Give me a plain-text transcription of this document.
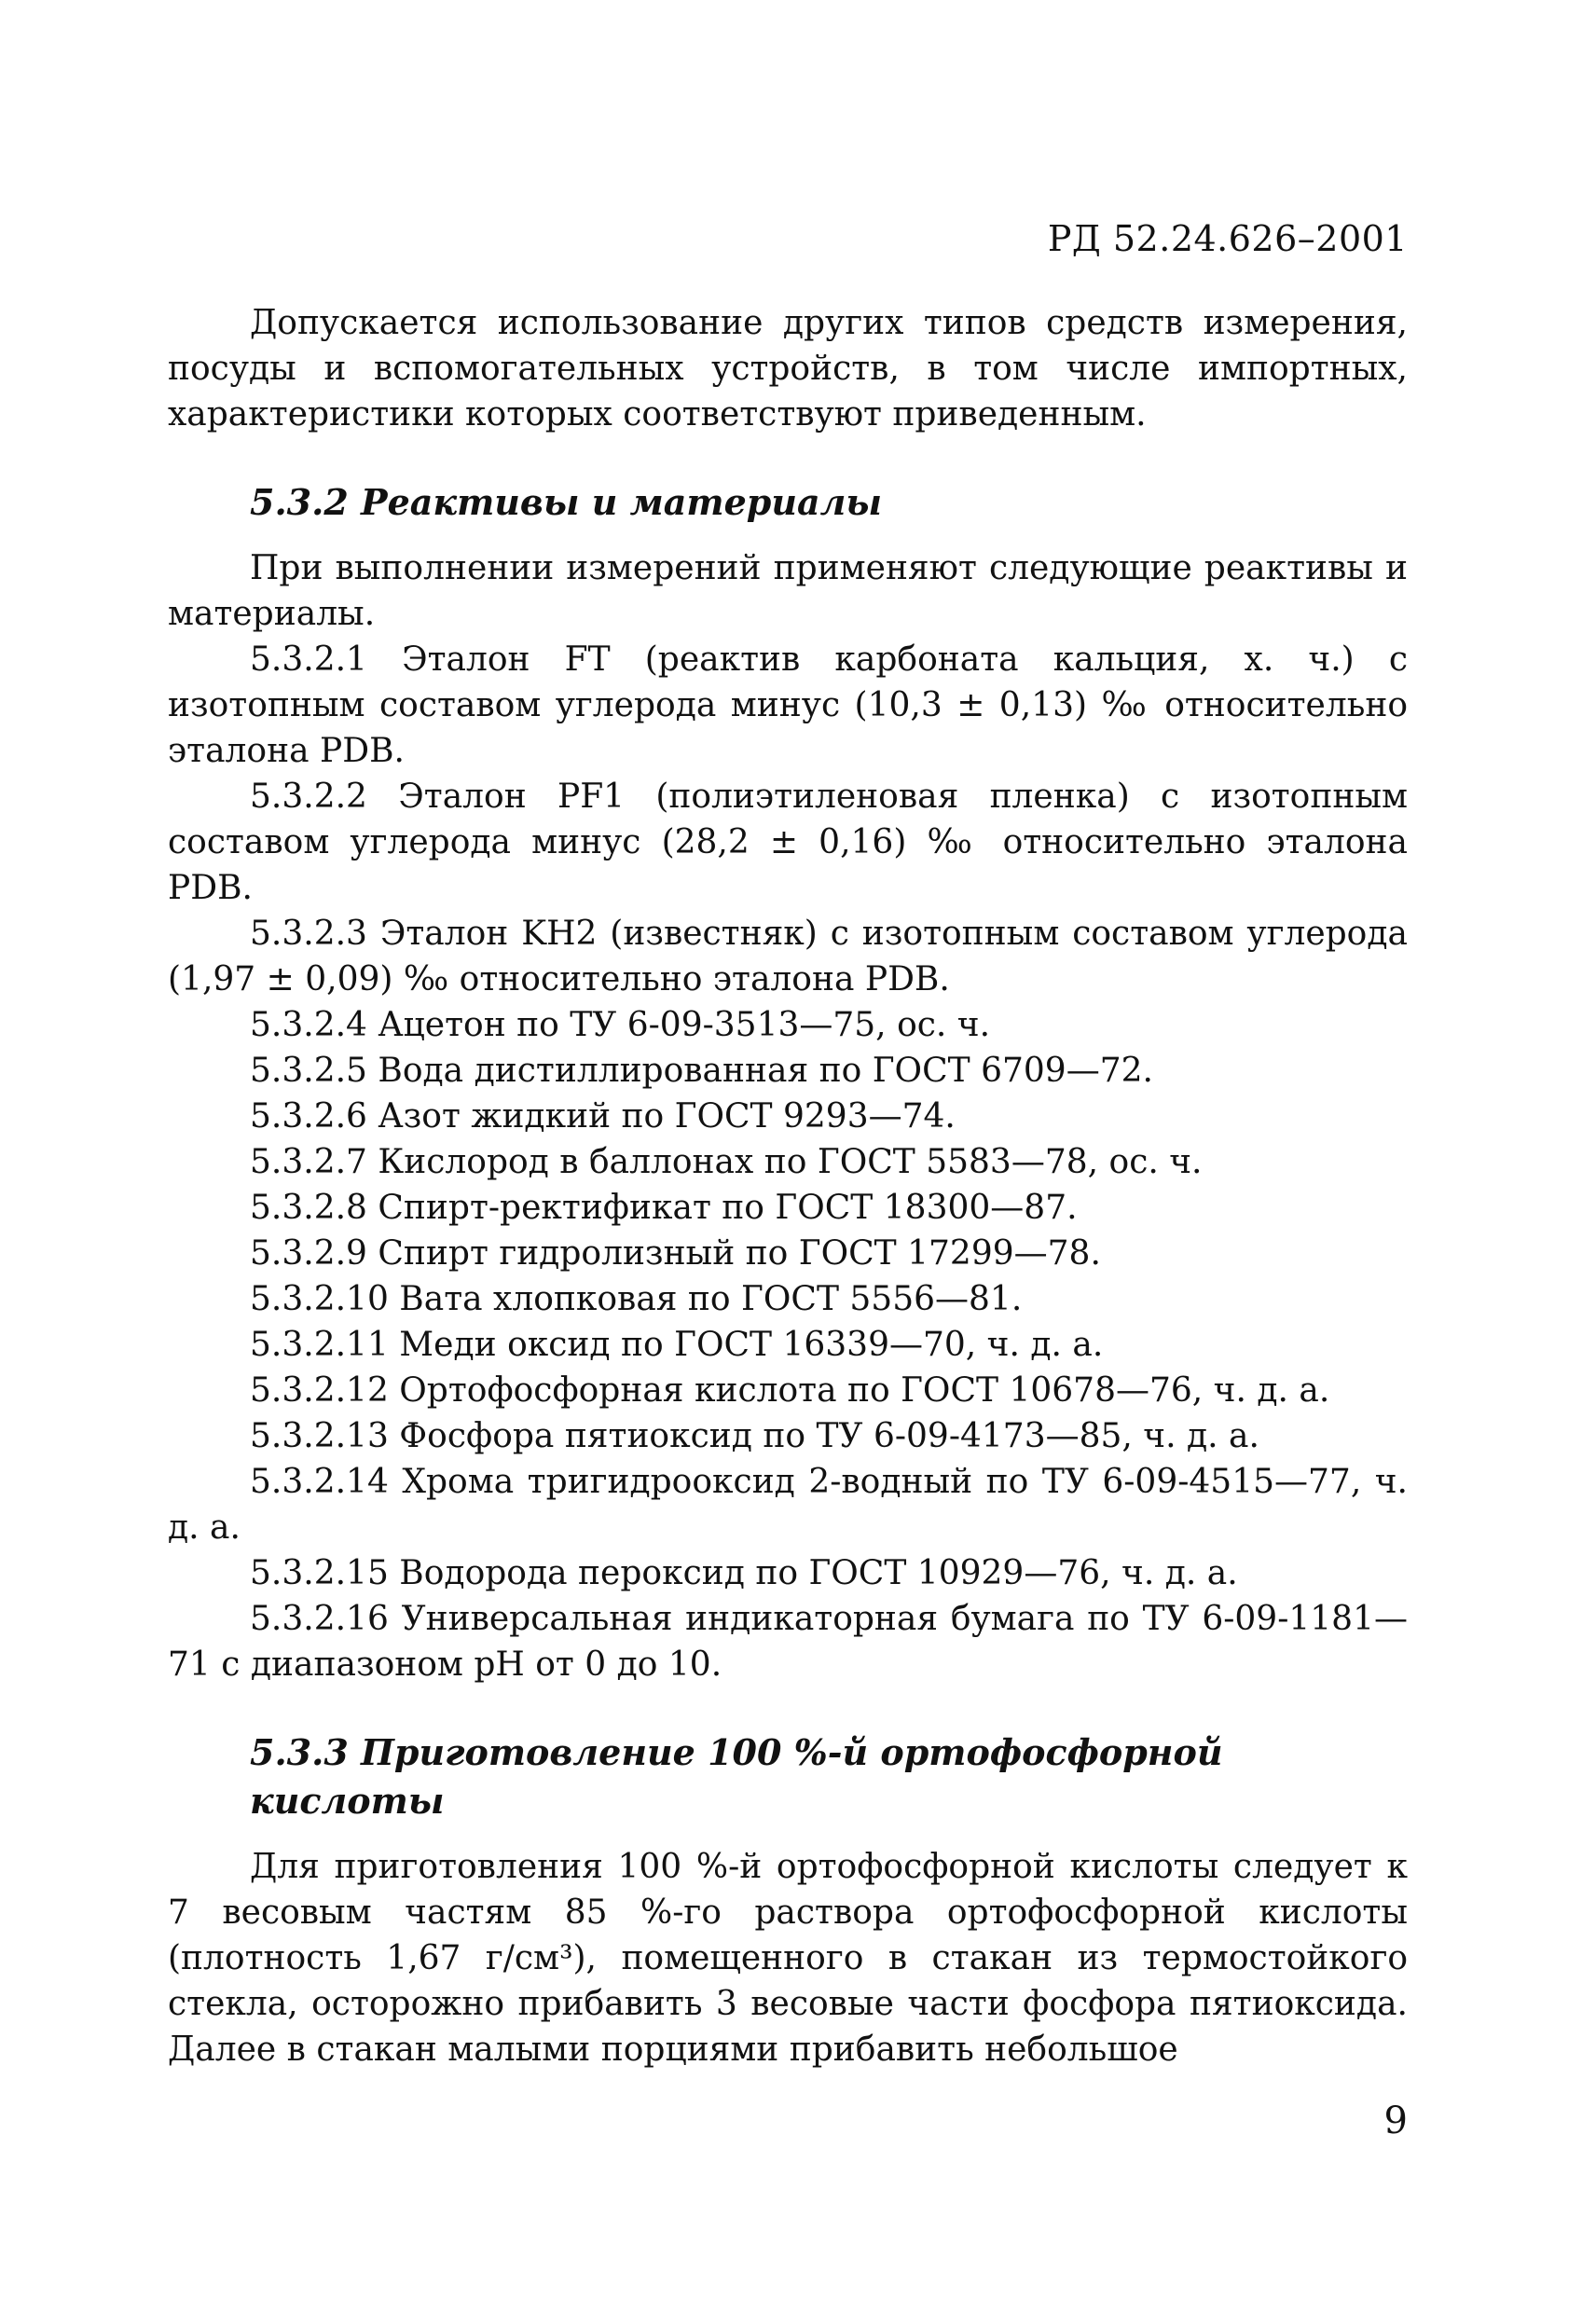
РД 52.24.626–2001

Допускается использование других типов средств измерения, посуды и вспомогательных устройств, в том числе импортных, характеристики которых соответствуют приведенным.

5.3.2 Реактивы и материалы

При выполнении измерений применяют следующие реактивы и материалы.

5.3.2.1 Эталон FT (реактив карбоната кальция, х. ч.) с изотопным составом углерода минус (10,3 ± 0,13) ‰ относительно эталона PDB.

5.3.2.2 Эталон PF1 (полиэтиленовая пленка) с изотопным составом углерода минус (28,2 ± 0,16) ‰ относительно эталона PDB.

5.3.2.3 Эталон KH2 (известняк) с изотопным составом углерода (1,97 ± 0,09) ‰ относительно эталона PDB.

5.3.2.4 Ацетон по ТУ 6-09-3513—75, ос. ч.

5.3.2.5 Вода дистиллированная по ГОСТ 6709—72.

5.3.2.6 Азот жидкий по ГОСТ 9293—74.

5.3.2.7 Кислород в баллонах по ГОСТ 5583—78, ос. ч.

5.3.2.8 Спирт-ректификат по ГОСТ 18300—87.

5.3.2.9 Спирт гидролизный по ГОСТ 17299—78.

5.3.2.10 Вата хлопковая по ГОСТ 5556—81.

5.3.2.11 Меди оксид по ГОСТ 16339—70, ч. д. а.

5.3.2.12 Ортофосфорная кислота по ГОСТ 10678—76, ч. д. а.

5.3.2.13 Фосфора пятиоксид по ТУ 6-09-4173—85, ч. д. а.

5.3.2.14 Хрома тригидрооксид 2-водный по ТУ 6-09-4515—77, ч. д. а.

5.3.2.15 Водорода пероксид по ГОСТ 10929—76, ч. д. а.

5.3.2.16 Универсальная индикаторная бумага по ТУ 6-09-1181—71 с диапазоном pH от 0 до 10.

5.3.3 Приготовление 100 %-й ортофосфорной кислоты

Для приготовления 100 %-й ортофосфорной кислоты следует к 7 весовым частям 85 %-го раствора ортофосфорной кислоты (плотность 1,67 г/см³), помещенного в стакан из термостойкого стекла, осторожно прибавить 3 весовые части фосфора пятиоксида. Далее в стакан малыми порциями прибавить небольшое

9
